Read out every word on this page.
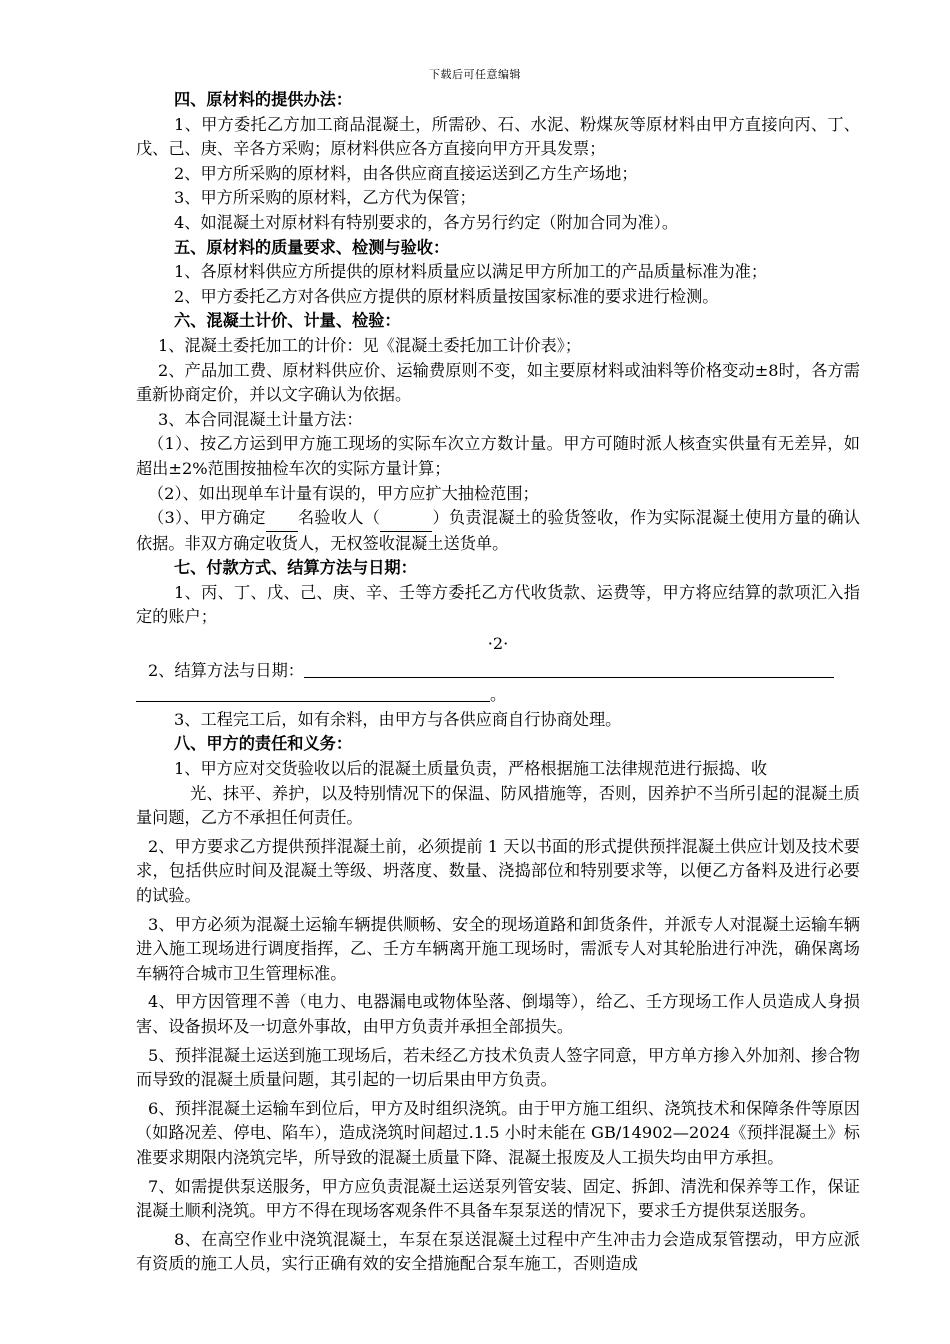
下载后可任意编辑

四、原材料的提供办法：

1、甲方委托乙方加工商品混凝土，所需砂、石、水泥、粉煤灰等原材料由甲方直接向丙、丁、戊、己、庚、辛各方采购；原材料供应各方直接向甲方开具发票；

2、甲方所采购的原材料，由各供应商直接运送到乙方生产场地；

3、甲方所采购的原材料，乙方代为保管；

4、如混凝土对原材料有特别要求的，各方另行约定（附加合同为准）。

五、原材料的质量要求、检测与验收：

1、各原材料供应方所提供的原材料质量应以满足甲方所加工的产品质量标准为准；

2、甲方委托乙方对各供应方提供的原材料质量按国家标准的要求进行检测。

六、混凝土计价、计量、检验：

1、混凝土委托加工的计价：见《混凝土委托加工计价表》；

2、产品加工费、原材料供应价、运输费原则不变，如主要原材料或油料等价格变动±8时，各方需重新协商定价，并以文字确认为依据。

3、本合同混凝土计量方法：

（1）、按乙方运到甲方施工现场的实际车次立方数计量。甲方可随时派人核查实供量有无差异，如超出±2%范围按抽检车次的实际方量计算；

（2）、如出现单车计量有误的，甲方应扩大抽检范围；

（3）、甲方确定 名验收人（	）负责混凝土的验货签收，作为实际混凝土使用方量的确认依据。非双方确定收货人，无权签收混凝土送货单。

七、付款方式、结算方法与日期：

1、丙、丁、戊、己、庚、辛、壬等方委托乙方代收货款、运费等，甲方将应结算的款项汇入指定的账户；

·2·

2、结算方法与日期：

。

3、工程完工后，如有余料，由甲方与各供应商自行协商处理。

八、甲方的责任和义务：

1、甲方应对交货验收以后的混凝土质量负责，严格根据施工法律规范进行振捣、收

光、抹平、养护，以及特别情况下的保温、防风措施等，否则，因养护不当所引起的混凝土质量问题，乙方不承担任何责任。

2、甲方要求乙方提供预拌混凝土前，必须提前 1 天以书面的形式提供预拌混凝土供应计划及技术要求，包括供应时间及混凝土等级、坍落度、数量、浇捣部位和特别要求等，以便乙方备料及进行必要的试验。

3、甲方必须为混凝土运输车辆提供顺畅、安全的现场道路和卸货条件，并派专人对混凝土运输车辆进入施工现场进行调度指挥，乙、壬方车辆离开施工现场时，需派专人对其轮胎进行冲洗，确保离场车辆符合城市卫生管理标准。

4、甲方因管理不善（电力、电器漏电或物体坠落、倒塌等），给乙、壬方现场工作人员造成人身损害、设备损坏及一切意外事故，由甲方负责并承担全部损失。

5、预拌混凝土运送到施工现场后，若未经乙方技术负责人签字同意，甲方单方掺入外加剂、掺合物而导致的混凝土质量问题，其引起的一切后果由甲方负责。

6、预拌混凝土运输车到位后，甲方及时组织浇筑。由于甲方施工组织、浇筑技术和保障条件等原因（如路况差、停电、陷车），造成浇筑时间超过.1.5 小时未能在 GB/14902—2024《预拌混凝土》标准要求期限内浇筑完毕，所导致的混凝土质量下降、混凝土报废及人工损失均由甲方承担。

7、如需提供泵送服务，甲方应负责混凝土运送泵列管安装、固定、拆卸、清洗和保养等工作，保证混凝土顺利浇筑。甲方不得在现场客观条件不具备车泵泵送的情况下，要求壬方提供泵送服务。

8、在高空作业中浇筑混凝土，车泵在泵送混凝土过程中产生冲击力会造成泵管摆动，甲方应派有资质的施工人员，实行正确有效的安全措施配合泵车施工，否则造成
